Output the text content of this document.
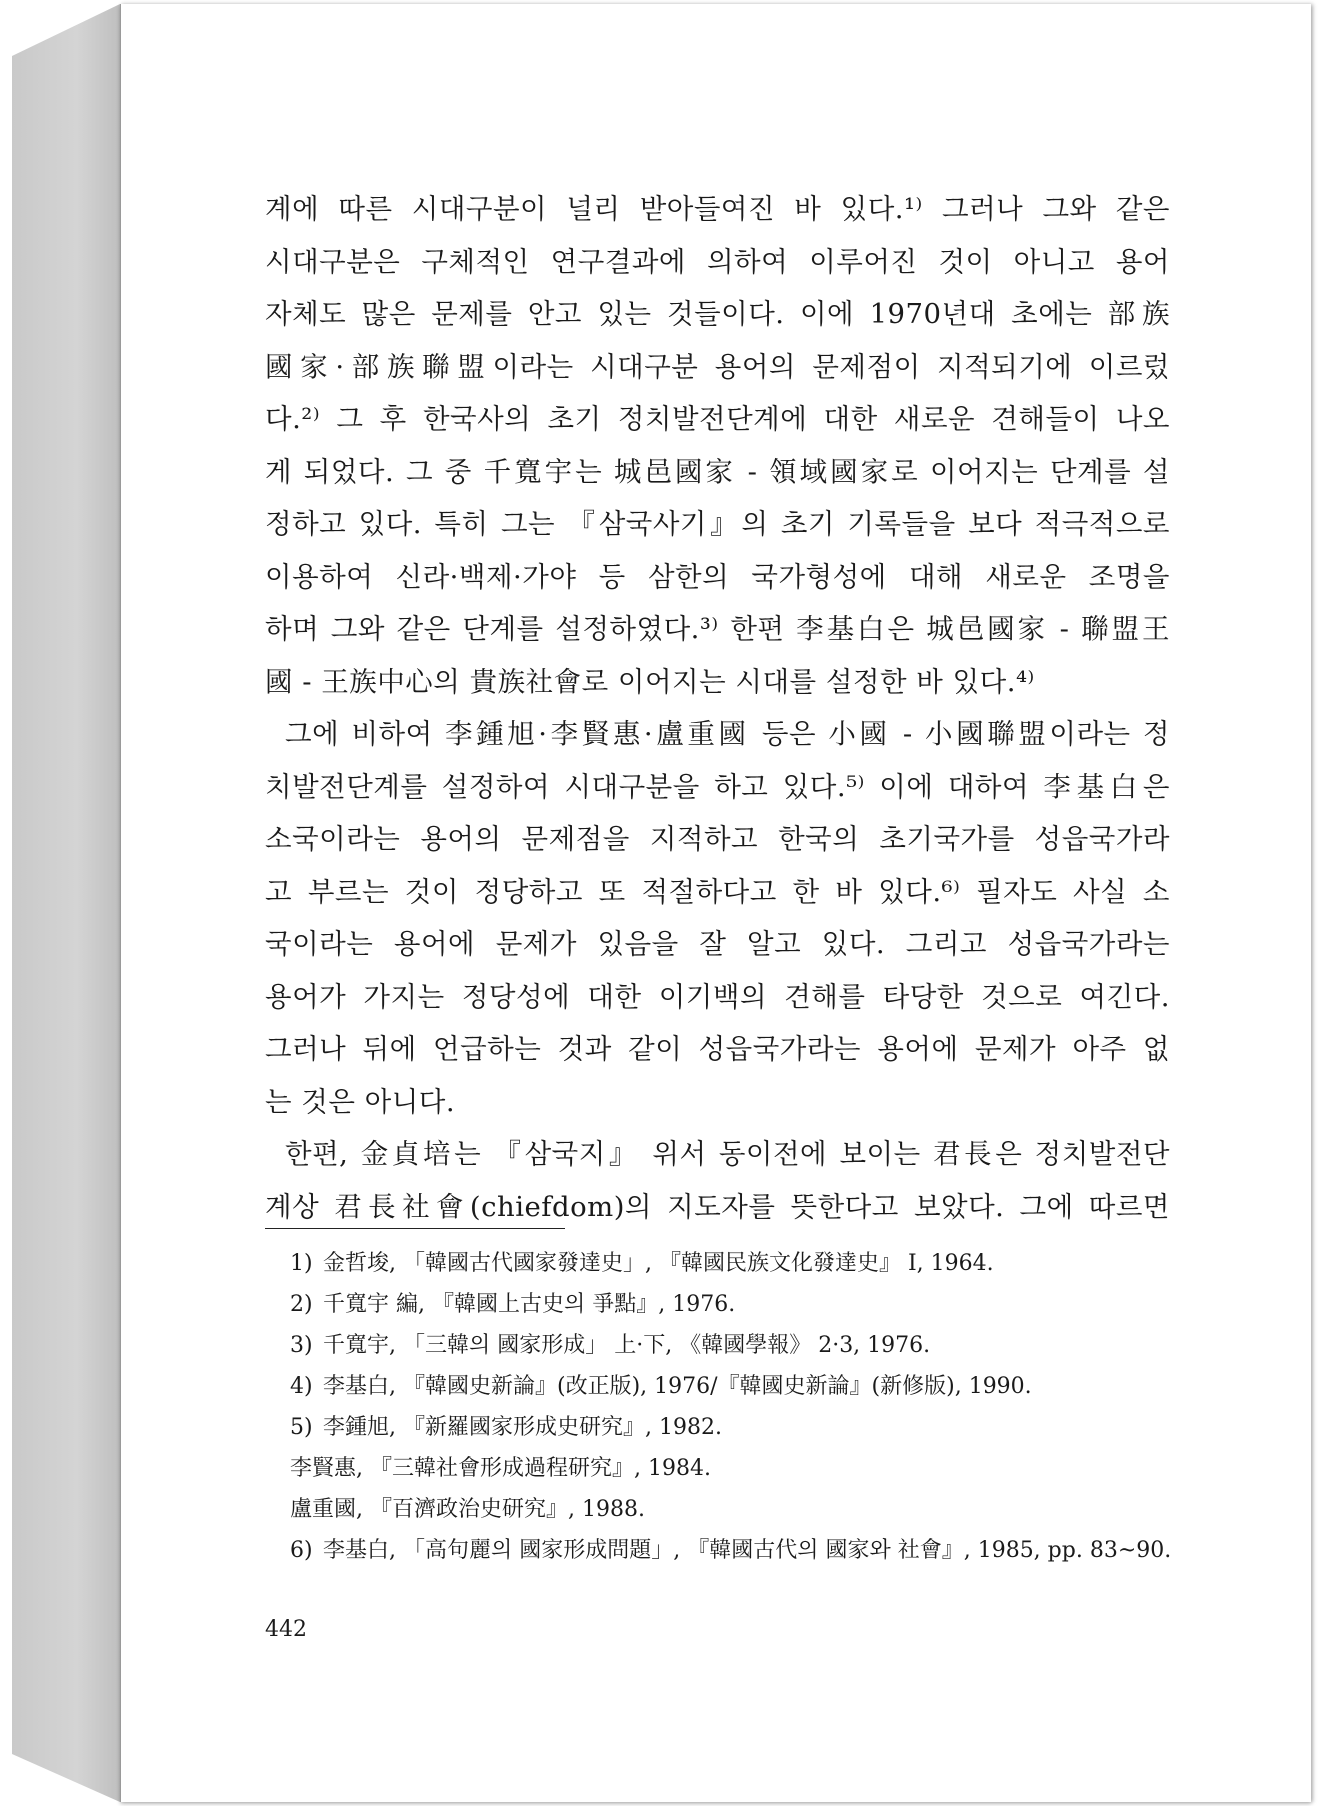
계에 따른 시대구분이 널리 받아들여진 바 있다.¹⁾ 그러나 그와 같은
시대구분은 구체적인 연구결과에 의하여 이루어진 것이 아니고 용어
자체도 많은 문제를 안고 있는 것들이다. 이에 1970년대 초에는 部族
國家·部族聯盟이라는 시대구분 용어의 문제점이 지적되기에 이르렀
다.²⁾ 그 후 한국사의 초기 정치발전단계에 대한 새로운 견해들이 나오
게 되었다. 그 중 千寬宇는 城邑國家 - 領域國家로 이어지는 단계를 설
정하고 있다. 특히 그는 『삼국사기』의 초기 기록들을 보다 적극적으로
이용하여 신라·백제·가야 등 삼한의 국가형성에 대해 새로운 조명을
하며 그와 같은 단계를 설정하였다.³⁾ 한편 李基白은 城邑國家 - 聯盟王
國 - 王族中心의 貴族社會로 이어지는 시대를 설정한 바 있다.⁴⁾
그에 비하여 李鍾旭·李賢惠·盧重國 등은 小國 - 小國聯盟이라는 정
치발전단계를 설정하여 시대구분을 하고 있다.⁵⁾ 이에 대하여 李基白은
소국이라는 용어의 문제점을 지적하고 한국의 초기국가를 성읍국가라
고 부르는 것이 정당하고 또 적절하다고 한 바 있다.⁶⁾ 필자도 사실 소
국이라는 용어에 문제가 있음을 잘 알고 있다. 그리고 성읍국가라는
용어가 가지는 정당성에 대한 이기백의 견해를 타당한 것으로 여긴다.
그러나 뒤에 언급하는 것과 같이 성읍국가라는 용어에 문제가 아주 없
는 것은 아니다.
한편, 金貞培는 『삼국지』 위서 동이전에 보이는 君長은 정치발전단
계상 君長社會(chiefdom)의 지도자를 뜻한다고 보았다. 그에 따르면
1) 金哲埈, 「韓國古代國家發達史」, 『韓國民族文化發達史』 I, 1964.
2) 千寬宇 編, 『韓國上古史의 爭點』, 1976.
3) 千寬宇, 「三韓의 國家形成」 上·下, 《韓國學報》 2·3, 1976.
4) 李基白, 『韓國史新論』(改正版), 1976/『韓國史新論』(新修版), 1990.
5) 李鍾旭, 『新羅國家形成史研究』, 1982.
李賢惠, 『三韓社會形成過程研究』, 1984.
盧重國, 『百濟政治史研究』, 1988.
6) 李基白, 「高句麗의 國家形成問題」, 『韓國古代의 國家와 社會』, 1985, pp. 83~90.
442
